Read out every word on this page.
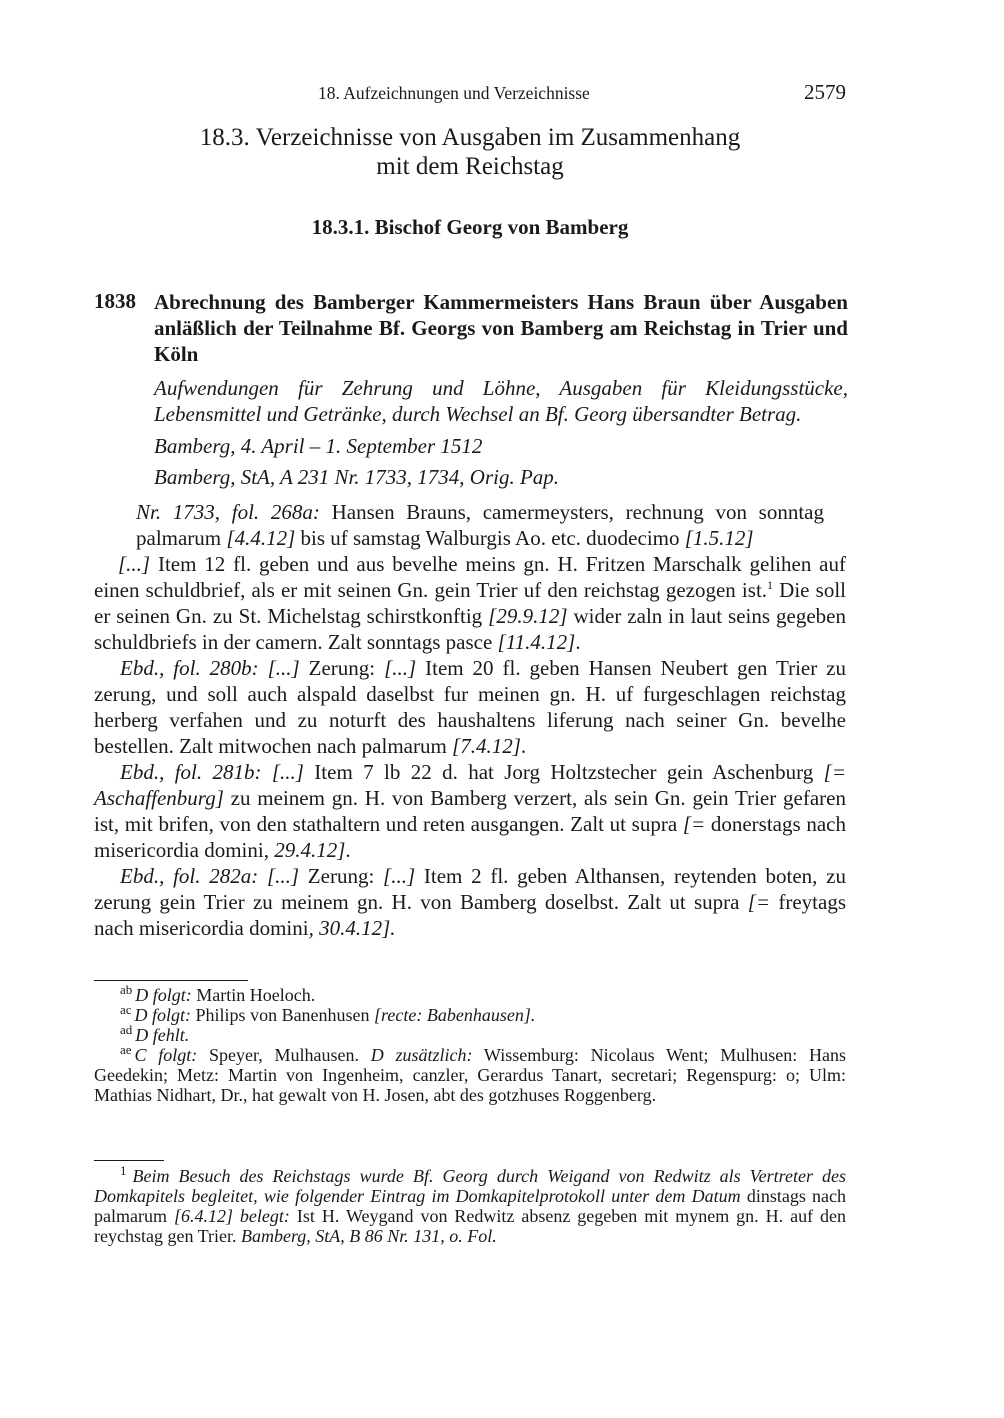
18. Aufzeichnungen und Verzeichnisse	2579
18.3. Verzeichnisse von Ausgaben im Zusammenhang
mit dem Reichstag
18.3.1. Bischof Georg von Bamberg
1838 Abrechnung des Bamberger Kammermeisters Hans Braun über Ausgaben anläßlich der Teilnahme Bf. Georgs von Bamberg am Reichstag in Trier und Köln
Aufwendungen für Zehrung und Löhne, Ausgaben für Kleidungsstücke, Lebensmittel und Getränke, durch Wechsel an Bf. Georg übersandter Betrag.
Bamberg, 4. April – 1. September 1512
Bamberg, StA, A 231 Nr. 1733, 1734, Orig. Pap.

Nr. 1733, fol. 268a: Hansen Brauns, camermeysters, rechnung von sonntag palmarum [4.4.12] bis uf samstag Walburgis Ao. etc. duodecimo [1.5.12]

[...] Item 12 fl. geben und aus bevelhe meins gn. H. Fritzen Marschalk gelihen auf einen schuldbrief, als er mit seinen Gn. gein Trier uf den reichstag gezogen ist.$^1$ Die soll er seinen Gn. zu St. Michelstag schirstkonftig [29.9.12] wider zaln in laut seins gegeben schuldbriefs in der camern. Zalt sonntags pasce [11.4.12].

Ebd., fol. 280b: [...] Zerung: [...] Item 20 fl. geben Hansen Neubert gen Trier zu zerung, und soll auch alspald daselbst fur meinen gn. H. uf furgeschlagen reichstag herberg verfahen und zu noturft des haushaltens liferung nach seiner Gn. bevelhe bestellen. Zalt mitwochen nach palmarum [7.4.12].

Ebd., fol. 281b: [...] Item 7 lb 22 d. hat Jorg Holtzstecher gein Aschenburg [= Aschaffenburg] zu meinem gn. H. von Bamberg verzert, als sein Gn. gein Trier gefaren ist, mit brifen, von den stathaltern und reten ausgangen. Zalt ut supra [= donerstags nach misericordia domini, 29.4.12].

Ebd., fol. 282a: [...] Zerung: [...] Item 2 fl. geben Althansen, reytenden boten, zu zerung gein Trier zu meinem gn. H. von Bamberg doselbst. Zalt ut supra [= freytags nach misericordia domini, 30.4.12].

$^{ab}$ D folgt: Martin Hoeloch.

$^{ac}$ D folgt: Philips von Banenhusen [recte: Babenhausen].

$^{ad}$ D fehlt.

$^{ae}$ C folgt: Speyer, Mulhausen. D zusätzlich: Wissemburg: Nicolaus Went; Mulhusen: Hans Geedekin; Metz: Martin von Ingenheim, canzler, Gerardus Tanart, secretari; Regenspurg: o; Ulm: Mathias Nidhart, Dr., hat gewalt von H. Josen, abt des gotzhuses Roggenberg.

$^1$ Beim Besuch des Reichstags wurde Bf. Georg durch Weigand von Redwitz als Vertreter des Domkapitels begleitet, wie folgender Eintrag im Domkapitelprotokoll unter dem Datum dinstags nach palmarum [6.4.12] belegt: Ist H. Weygand von Redwitz absenz gegeben mit mynem gn. H. auf den reychstag gen Trier. Bamberg, StA, B 86 Nr. 131, o. Fol.
